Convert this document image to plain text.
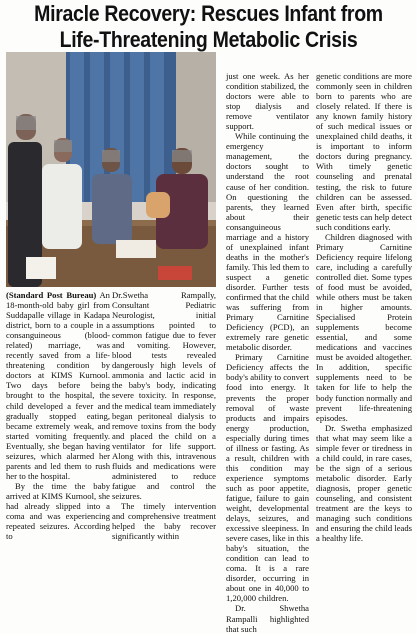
Miracle Recovery: Rescues Infant from
Life-Threatening Metabolic Crisis

(Standard Post Bureau) An 18-month-old baby girl from Suddapalle village in Kadapa district, born to a couple in a consanguineous (blood-related) marriage, was recently saved from a life-threatening condition by doctors at KIMS Kurnool. Two days before being brought to the hospital, the child developed a fever and gradually stopped eating, became extremely weak, and started vomiting frequently. Eventually, she began having seizures, which alarmed her parents and led them to rush her to the hospital.

By the time the baby arrived at KIMS Kurnool, she had already slipped into a coma and was experiencing repeated seizures. According to

Dr.Swetha Rampally, Consultant Pediatric Neurologist, initial assumptions pointed to common fatigue due to fever and vomiting. However, blood tests revealed dangerously high levels of ammonia and lactic acid in the baby's body, indicating severe toxicity. In response, the medical team immediately began peritoneal dialysis to remove toxins from the body and placed the child on a ventilator for life support. Along with this, intravenous fluids and medications were administered to reduce fatigue and control the seizures.

The timely intervention and comprehensive treatment helped the baby recover significantly within

just one week. As her condition stabilized, the doctors were able to stop dialysis and remove ventilator support.

While continuing the emergency management, the doctors sought to understand the root cause of her condition. On questioning the parents, they learned about their consanguineous marriage and a history of unexplained infant deaths in the mother's family. This led them to suspect a genetic disorder. Further tests confirmed that the child was suffering from Primary Carnitine Deficiency (PCD), an extremely rare genetic metabolic disorder.

Primary Carnitine Deficiency affects the body's ability to convert food into energy. It prevents the proper removal of waste products and impairs energy production, especially during times of illness or fasting. As a result, children with this condition may experience symptoms such as poor appetite, fatigue, failure to gain weight, developmental delays, seizures, and excessive sleepiness. In severe cases, like in this baby's situation, the condition can lead to coma. It is a rare disorder, occurring in about one in 40,000 to 1,20,000 children.

Dr. Shwetha Rampalli highlighted that such

genetic conditions are more commonly seen in children born to parents who are closely related. If there is any known family history of such medical issues or unexplained child deaths, it is important to inform doctors during pregnancy. With timely genetic counseling and prenatal testing, the risk to future children can be assessed. Even after birth, specific genetic tests can help detect such conditions early.

Children diagnosed with Primary Carnitine Deficiency require lifelong care, including a carefully controlled diet. Some types of food must be avoided, while others must be taken in higher amounts. Specialised Protein supplements become essential, and some medications and vaccines must be avoided altogether. In addition, specific supplements need to be taken for life to help the body function normally and prevent life-threatening episodes.

Dr. Swetha emphasized that what may seem like a simple fever or tiredness in a child could, in rare cases, be the sign of a serious metabolic disorder. Early diagnosis, proper genetic counseling, and consistent treatment are the keys to managing such conditions and ensuring the child leads a healthy life.
